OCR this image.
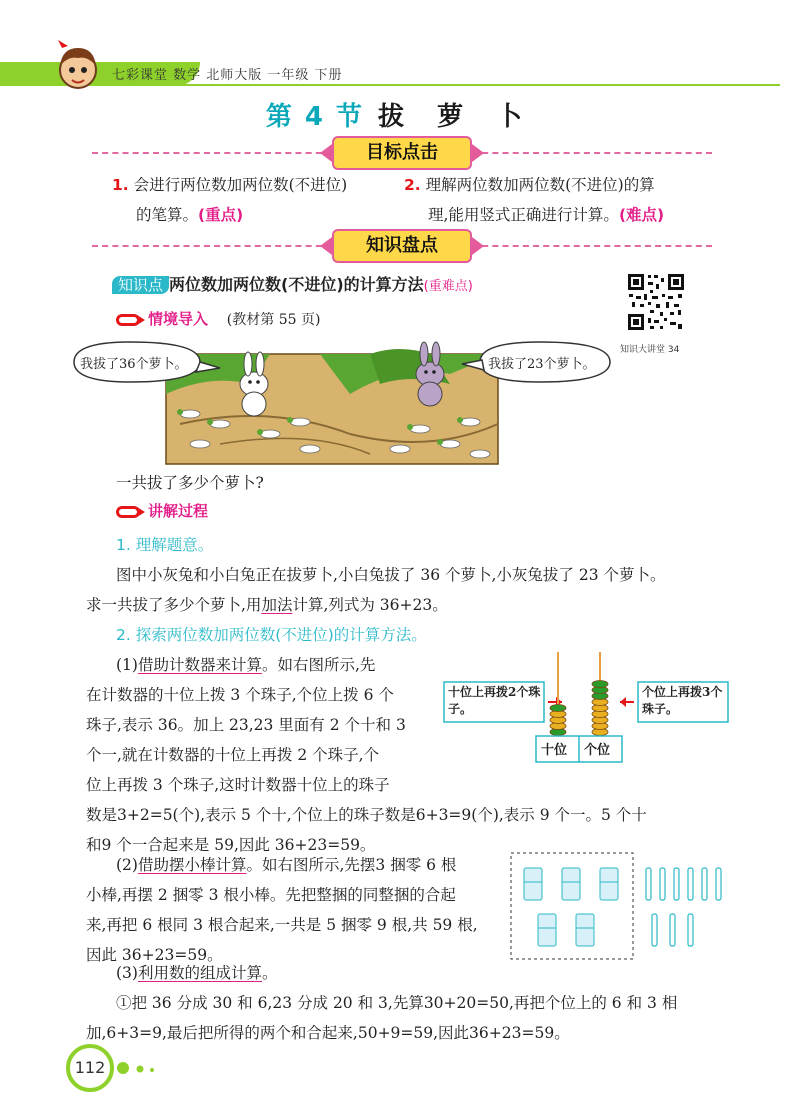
七彩课堂 数学 北师大版 一年级 下册
第 4 节 拔 萝 卜
目标点击
1. 会进行两位数加两位数(不进位)
的笔算。(重点)
2. 理解两位数加两位数(不进位)的算
理,能用竖式正确进行计算。(难点)
知识盘点
知识点 两位数加两位数(不进位)的计算方法(重难点)
知识大讲堂 34
情境导入 (教材第 55 页)
我拔了36个萝卜。	我拔了23个萝卜。
一共拔了多少个萝卜?
讲解过程
1. 理解题意。
图中小灰兔和小白兔正在拔萝卜,小白兔拔了 36 个萝卜,小灰兔拔了 23 个萝卜。
求一共拔了多少个萝卜,用加法计算,列式为 36+23。
2. 探索两位数加两位数(不进位)的计算方法。
(1)借助计数器来计算。如右图所示,先
在计数器的十位上拨 3 个珠子,个位上拨 6 个
珠子,表示 36。加上 23,23 里面有 2 个十和 3
个一,就在计数器的十位上再拨 2 个珠子,个
位上再拨 3 个珠子,这时计数器十位上的珠子
数是3+2=5(个),表示 5 个十,个位上的珠子数是6+3=9(个),表示 9 个一。5 个十
和9 个一合起来是 59,因此 36+23=59。
十位上再拨2个珠子。
个位上再拨3个珠子。
十位 个位
(2)借助摆小棒计算。如右图所示,先摆3 捆零 6 根
小棒,再摆 2 捆零 3 根小棒。先把整捆的同整捆的合起
来,再把 6 根同 3 根合起来,一共是 5 捆零 9 根,共 59 根,
因此 36+23=59。
(3)利用数的组成计算。
①把 36 分成 30 和 6,23 分成 20 和 3,先算30+20=50,再把个位上的 6 和 3 相
加,6+3=9,最后把所得的两个和合起来,50+9=59,因此36+23=59。
112
